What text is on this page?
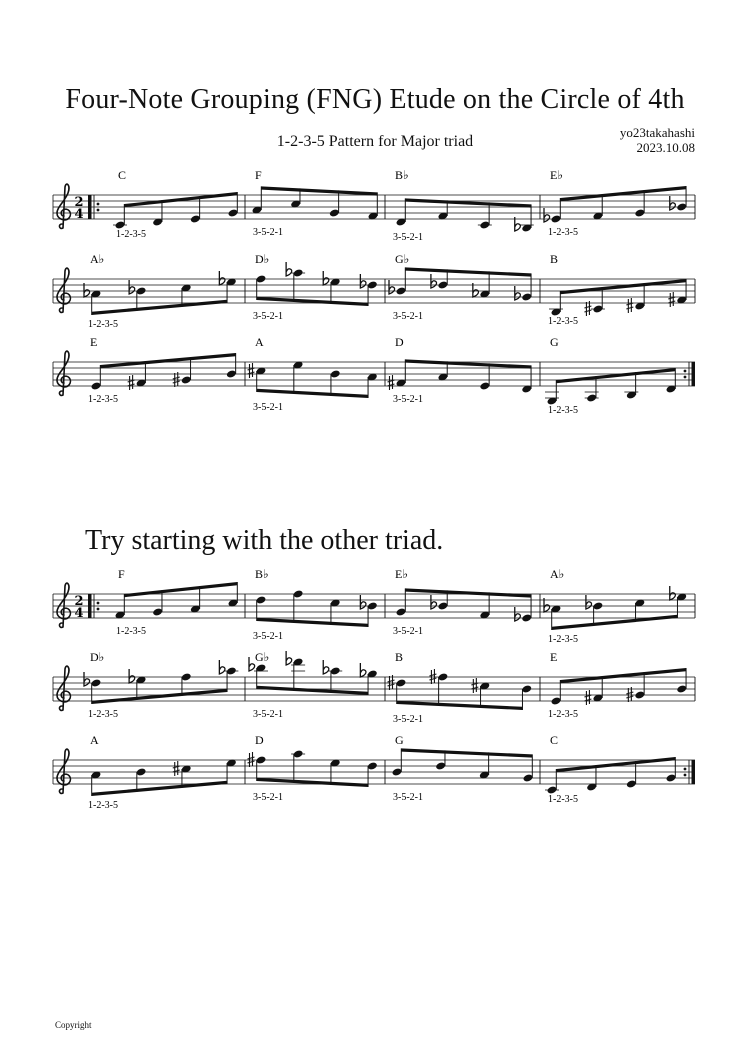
Four-Note Grouping (FNG) Etude on the Circle of 4th
1-2-3-5 Pattern for Major triad
yo23takahashi
2023.10.08
Try starting with the other triad.
Copyright
2
4
C
1-2-3-5
F
3-5-2-1
B♭
3-5-2-1
E♭
1-2-3-5
A♭
1-2-3-5
D♭
3-5-2-1
G♭
3-5-2-1
B
1-2-3-5
E
1-2-3-5
A
3-5-2-1
D
3-5-2-1
G
1-2-3-5
2
4
F
1-2-3-5
B♭
3-5-2-1
E♭
3-5-2-1
A♭
1-2-3-5
D♭
1-2-3-5
G♭
3-5-2-1
B
3-5-2-1
E
1-2-3-5
A
1-2-3-5
D
3-5-2-1
G
3-5-2-1
C
1-2-3-5
